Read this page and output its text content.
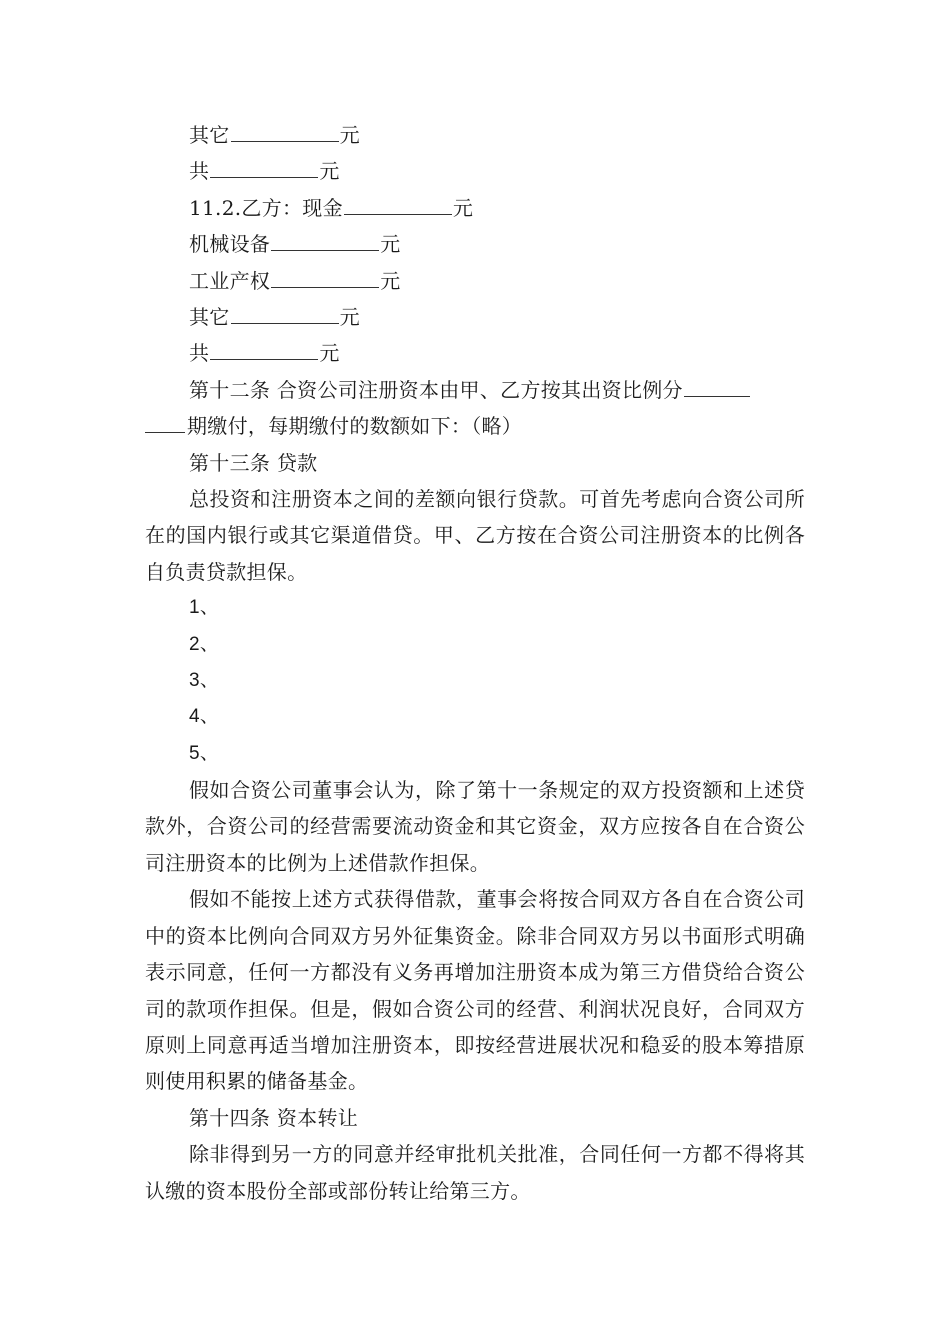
其它	元
共	元
11.2.乙方：现金	元
机械设备	元
工业产权	元
其它	元
共	元
第十二条 合资公司注册资本由甲、乙方按其出资比例分
期缴付，每期缴付的数额如下：（略）
第十三条 贷款

总投资和注册资本之间的差额向银行贷款。可首先考虑向合资公司所在的国内银行或其它渠道借贷。甲、乙方按在合资公司注册资本的比例各自负责贷款担保。

1、
2、
3、
4、
5、

假如合资公司董事会认为，除了第十一条规定的双方投资额和上述贷款外，合资公司的经营需要流动资金和其它资金，双方应按各自在合资公司注册资本的比例为上述借款作担保。

假如不能按上述方式获得借款，董事会将按合同双方各自在合资公司中的资本比例向合同双方另外征集资金。除非合同双方另以书面形式明确表示同意，任何一方都没有义务再增加注册资本成为第三方借贷给合资公司的款项作担保。但是，假如合资公司的经营、利润状况良好，合同双方原则上同意再适当增加注册资本，即按经营进展状况和稳妥的股本筹措原则使用积累的储备基金。

第十四条 资本转让

除非得到另一方的同意并经审批机关批准，合同任何一方都不得将其认缴的资本股份全部或部份转让给第三方。
